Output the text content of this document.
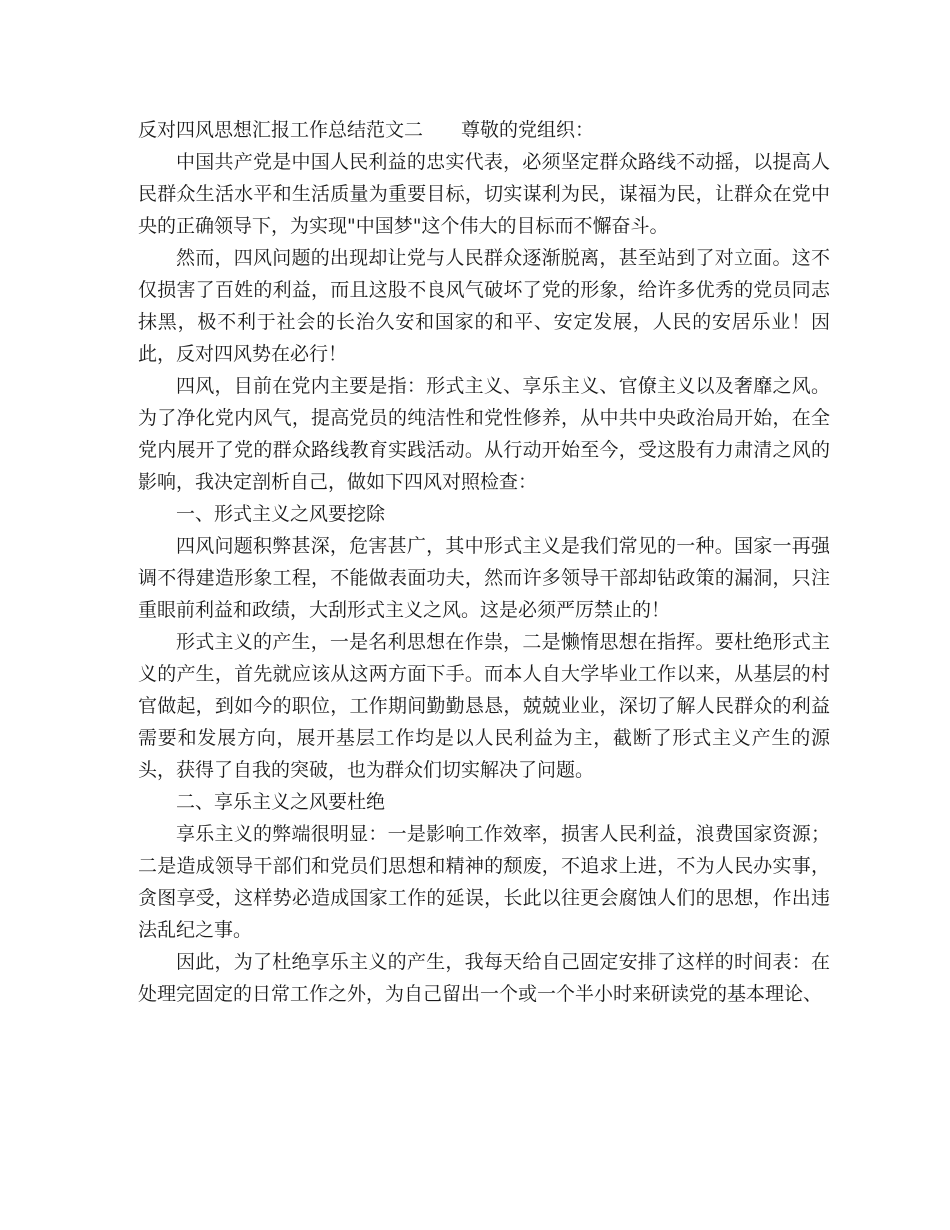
反对四风思想汇报工作总结范文二 尊敬的党组织：

中国共产党是中国人民利益的忠实代表，必须坚定群众路线不动摇，以提高人民群众生活水平和生活质量为重要目标，切实谋利为民，谋福为民，让群众在党中央的正确领导下，为实现"中国梦"这个伟大的目标而不懈奋斗。

然而，四风问题的出现却让党与人民群众逐渐脱离，甚至站到了对立面。这不仅损害了百姓的利益，而且这股不良风气破坏了党的形象，给许多优秀的党员同志抹黑，极不利于社会的长治久安和国家的和平、安定发展，人民的安居乐业！因此，反对四风势在必行！

四风，目前在党内主要是指：形式主义、享乐主义、官僚主义以及奢靡之风。为了净化党内风气，提高党员的纯洁性和党性修养，从中共中央政治局开始，在全党内展开了党的群众路线教育实践活动。从行动开始至今，受这股有力肃清之风的影响，我决定剖析自己，做如下四风对照检查：

一、形式主义之风要挖除

四风问题积弊甚深，危害甚广，其中形式主义是我们常见的一种。国家一再强调不得建造形象工程，不能做表面功夫，然而许多领导干部却钻政策的漏洞，只注重眼前利益和政绩，大刮形式主义之风。这是必须严厉禁止的！

形式主义的产生，一是名利思想在作祟，二是懒惰思想在指挥。要杜绝形式主义的产生，首先就应该从这两方面下手。而本人自大学毕业工作以来，从基层的村官做起，到如今的职位，工作期间勤勤恳恳，兢兢业业，深切了解人民群众的利益需要和发展方向，展开基层工作均是以人民利益为主，截断了形式主义产生的源头，获得了自我的突破，也为群众们切实解决了问题。

二、享乐主义之风要杜绝

享乐主义的弊端很明显：一是影响工作效率，损害人民利益，浪费国家资源；二是造成领导干部们和党员们思想和精神的颓废，不追求上进，不为人民办实事，贪图享受，这样势必造成国家工作的延误，长此以往更会腐蚀人们的思想，作出违法乱纪之事。

因此，为了杜绝享乐主义的产生，我每天给自己固定安排了这样的时间表：在处理完固定的日常工作之外，为自己留出一个或一个半小时来研读党的基本理论、
